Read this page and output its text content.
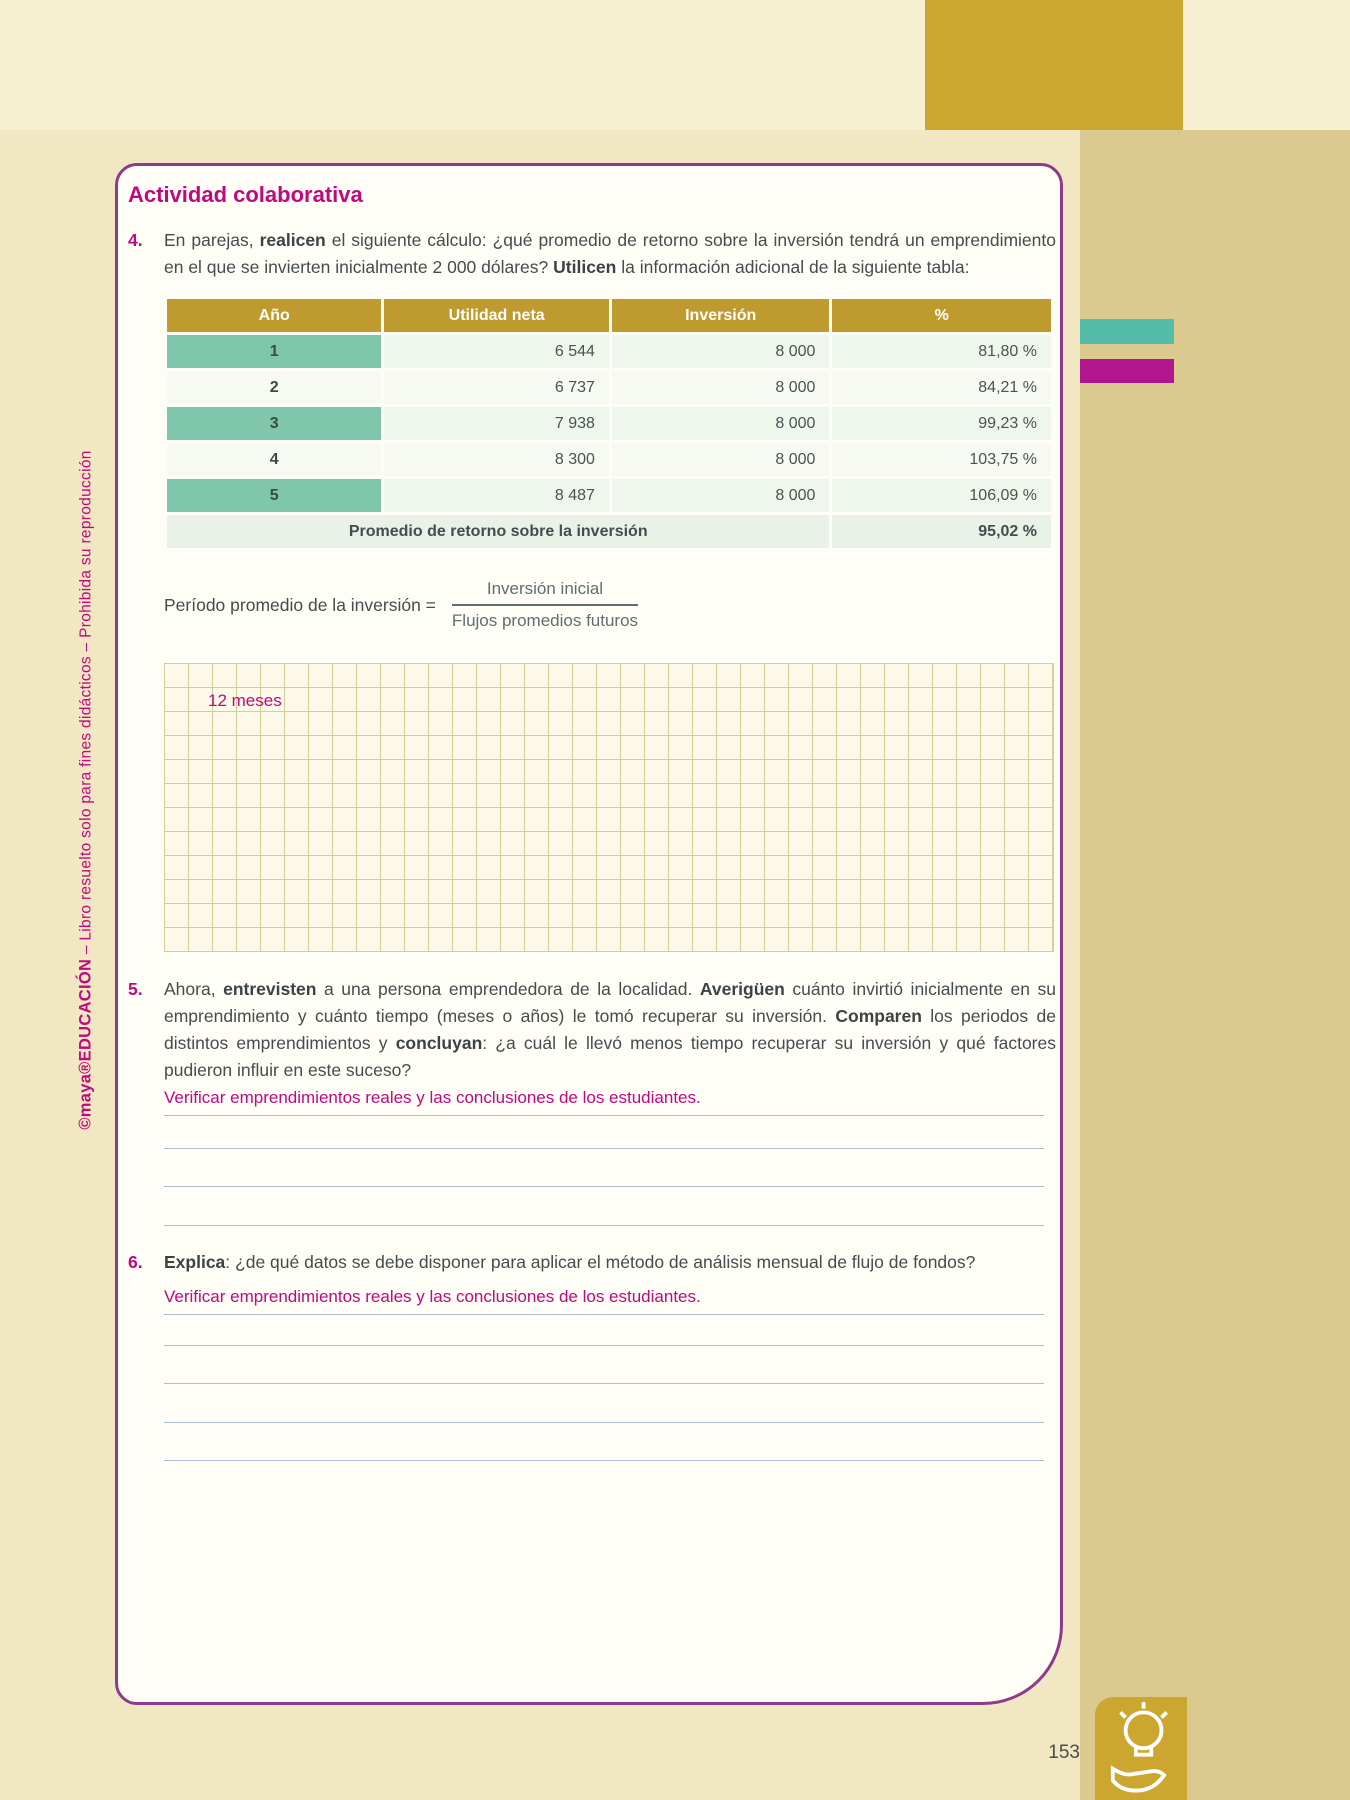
©maya®EDUCACIÓN – Libro resuelto solo para fines didácticos – Prohibida su reproducción
Actividad colaborativa
4. En parejas, realicen el siguiente cálculo: ¿qué promedio de retorno sobre la inversión tendrá un emprendimiento en el que se invierten inicialmente 2 000 dólares? Utilicen la información adicional de la siguiente tabla:
Año	Utilidad neta	Inversión	%
1	6 544	8 000	81,80 %
2	6 737	8 000	84,21 %
3	7 938	8 000	99,23 %
4	8 300	8 000	103,75 %
5	8 487	8 000	106,09 %
Promedio de retorno sobre la inversión			95,02 %
Período promedio de la inversión = $\frac{\text{Inversión inicial}}{\text{Flujos promedios futuros}}$
12 meses
5. Ahora, entrevisten a una persona emprendedora de la localidad. Averigüen cuánto invirtió inicialmente en su emprendimiento y cuánto tiempo (meses o años) le tomó recuperar su inversión. Comparen los periodos de distintos emprendimientos y concluyan: ¿a cuál le llevó menos tiempo recuperar su inversión y qué factores pudieron influir en este suceso?
Verificar emprendimientos reales y las conclusiones de los estudiantes.
6. Explica: ¿de qué datos se debe disponer para aplicar el método de análisis mensual de flujo de fondos?
Verificar emprendimientos reales y las conclusiones de los estudiantes.
153
